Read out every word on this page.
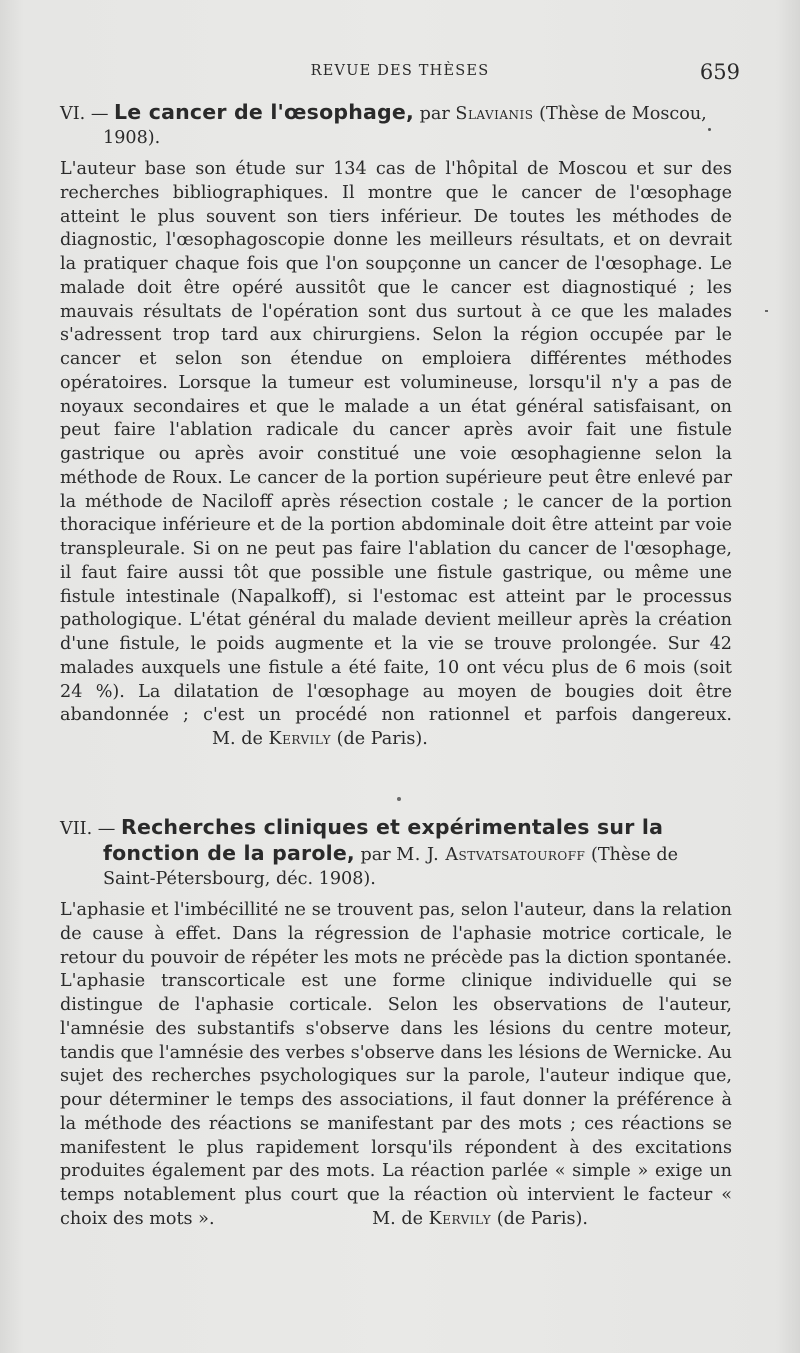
REVUE DES THÈSES	659

VI. — Le cancer de l'œsophage, par Slavianis (Thèse de Moscou, 1908).

L'auteur base son étude sur 134 cas de l'hôpital de Moscou et sur des recherches bibliographiques. Il montre que le cancer de l'œsophage atteint le plus souvent son tiers inférieur. De toutes les méthodes de diagnostic, l'œsophagoscopie donne les meilleurs résultats, et on devrait la pratiquer chaque fois que l'on soupçonne un cancer de l'œsophage. Le malade doit être opéré aussitôt que le cancer est diagnostiqué ; les mauvais résultats de l'opération sont dus surtout à ce que les malades s'adressent trop tard aux chirurgiens. Selon la région occupée par le cancer et selon son étendue on emploiera différentes méthodes opératoires. Lorsque la tumeur est volumineuse, lorsqu'il n'y a pas de noyaux secondaires et que le malade a un état général satisfaisant, on peut faire l'ablation radicale du cancer après avoir fait une fistule gastrique ou après avoir constitué une voie œsophagienne selon la méthode de Roux. Le cancer de la portion supérieure peut être enlevé par la méthode de Naciloff après résection costale ; le cancer de la portion thoracique inférieure et de la portion abdominale doit être atteint par voie transpleurale. Si on ne peut pas faire l'ablation du cancer de l'œsophage, il faut faire aussi tôt que possible une fistule gastrique, ou même une fistule intestinale (Napalkoff), si l'estomac est atteint par le processus pathologique. L'état général du malade devient meilleur après la création d'une fistule, le poids augmente et la vie se trouve prolongée. Sur 42 malades auxquels une fistule a été faite, 10 ont vécu plus de 6 mois (soit 24 %). La dilatation de l'œsophage au moyen de bougies doit être abandonnée ; c'est un procédé non rationnel et parfois dangereux. M. de Kervily (de Paris).

VII. — Recherches cliniques et expérimentales sur la fonction de la parole, par M. J. Astvatsatouroff (Thèse de Saint-Pétersbourg, déc. 1908).

L'aphasie et l'imbécillité ne se trouvent pas, selon l'auteur, dans la relation de cause à effet. Dans la régression de l'aphasie motrice corticale, le retour du pouvoir de répéter les mots ne précède pas la diction spontanée. L'aphasie transcorticale est une forme clinique individuelle qui se distingue de l'aphasie corticale. Selon les observations de l'auteur, l'amnésie des substantifs s'observe dans les lésions du centre moteur, tandis que l'amnésie des verbes s'observe dans les lésions de Wernicke. Au sujet des recherches psychologiques sur la parole, l'auteur indique que, pour déterminer le temps des associations, il faut donner la préférence à la méthode des réactions se manifestant par des mots ; ces réactions se manifestent le plus rapidement lorsqu'ils répondent à des excitations produites également par des mots. La réaction parlée « simple » exige un temps notablement plus court que la réaction où intervient le facteur « choix des mots ».	M. de Kervily (de Paris).
